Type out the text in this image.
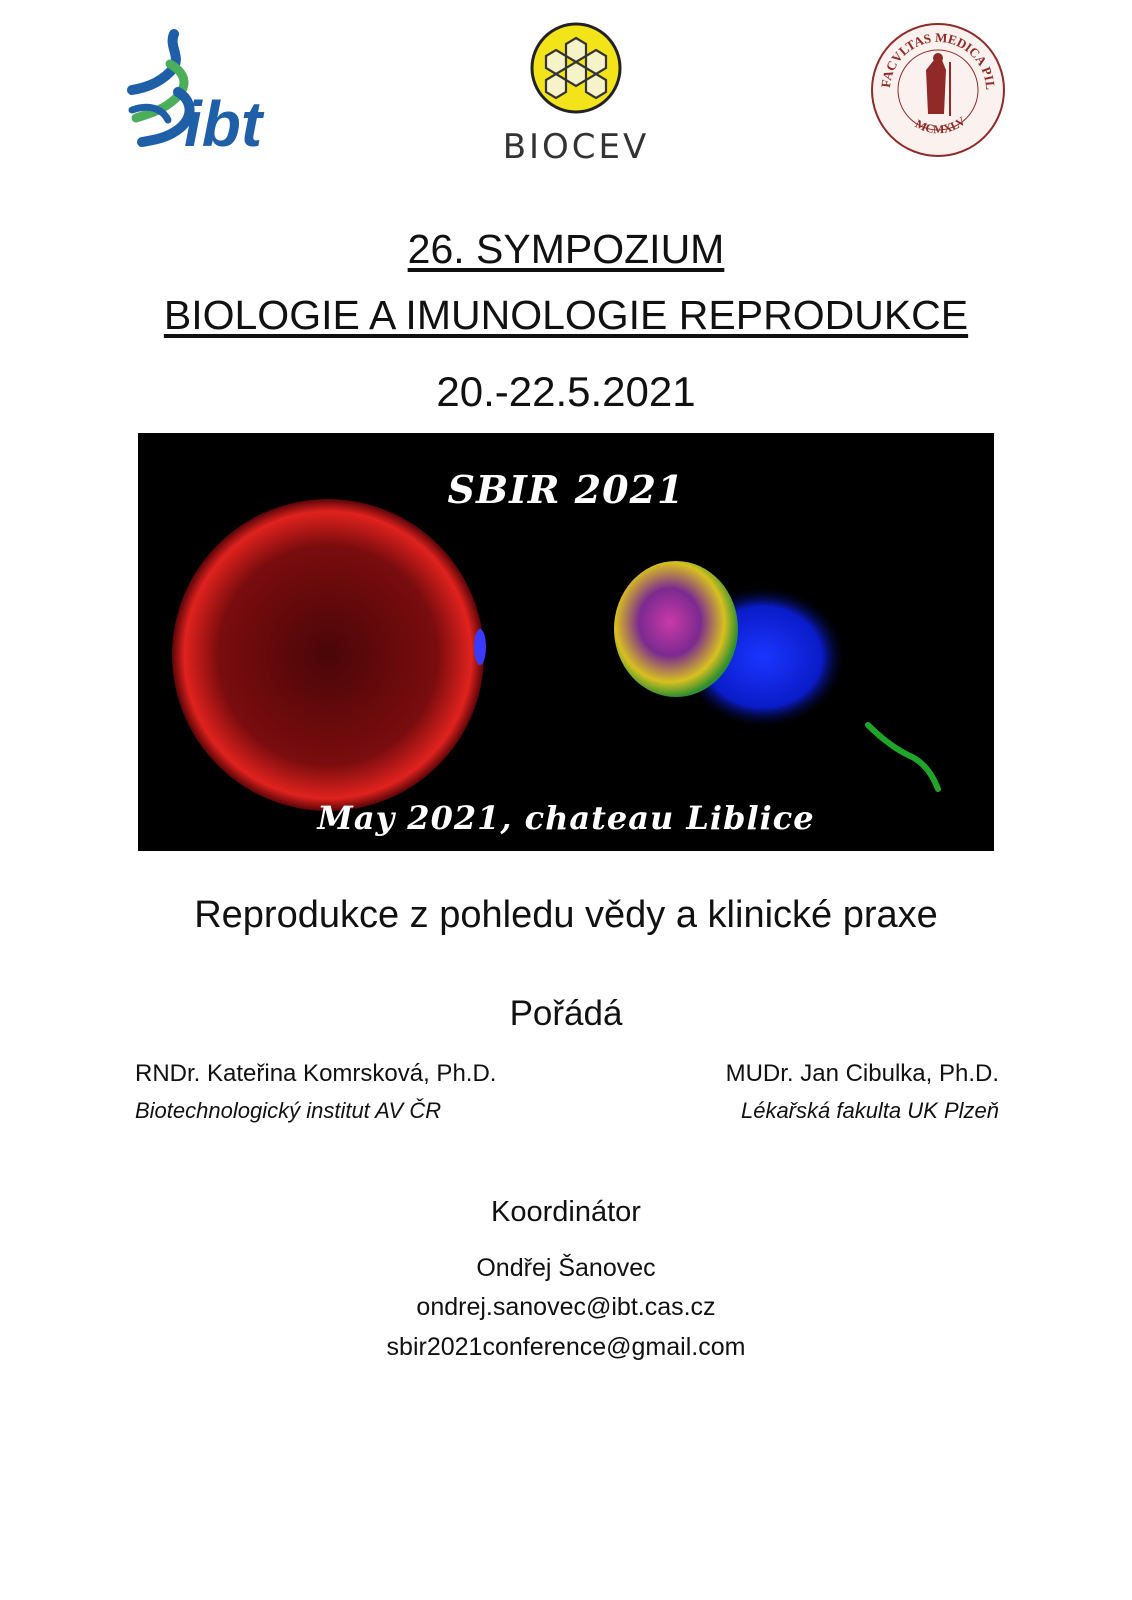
ibt	BIOCEV
FACVLTAS MEDICA PIL
MCMXLV
26. SYMPOZIUM
BIOLOGIE A IMUNOLOGIE REPRODUKCE
20.-22.5.2021
SBIR 2021
May 2021, chateau Liblice
Reprodukce z pohledu vědy a klinické praxe
Pořádá
RNDr. Kateřina Komrsková, Ph.D.
Biotechnologický institut AV ČR
MUDr. Jan Cibulka, Ph.D.
Lékařská fakulta UK Plzeň
Koordinátor
Ondřej Šanovec
ondrej.sanovec@ibt.cas.cz
sbir2021conference@gmail.com
